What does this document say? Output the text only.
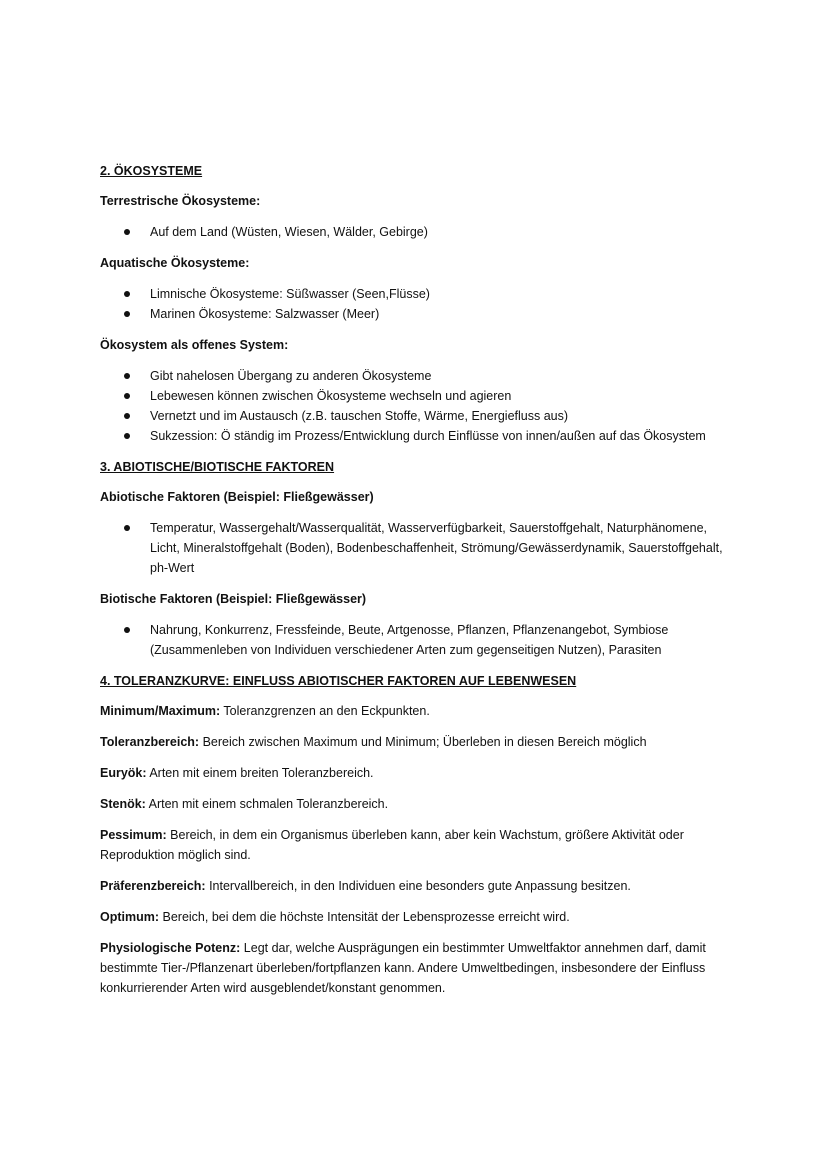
2. ÖKOSYSTEME
Terrestrische Ökosysteme:
Auf dem Land (Wüsten, Wiesen, Wälder, Gebirge)
Aquatische Ökosysteme:
Limnische Ökosysteme: Süßwasser (Seen,Flüsse)
Marinen Ökosysteme: Salzwasser (Meer)
Ökosystem als offenes System:
Gibt nahelosen Übergang zu anderen Ökosysteme
Lebewesen können zwischen Ökosysteme wechseln und agieren
Vernetzt und im Austausch (z.B. tauschen Stoffe, Wärme, Energiefluss aus)
Sukzession: Ö ständig im Prozess/Entwicklung durch Einflüsse von innen/außen auf das Ökosystem
3. ABIOTISCHE/BIOTISCHE FAKTOREN
Abiotische Faktoren (Beispiel: Fließgewässer)
Temperatur, Wassergehalt/Wasserqualität, Wasserverfügbarkeit, Sauerstoffgehalt, Naturphänomene, Licht, Mineralstoffgehalt (Boden), Bodenbeschaffenheit, Strömung/Gewässerdynamik, Sauerstoffgehalt, ph-Wert
Biotische Faktoren (Beispiel: Fließgewässer)
Nahrung, Konkurrenz, Fressfeinde, Beute, Artgenosse, Pflanzen, Pflanzenangebot, Symbiose (Zusammenleben von Individuen verschiedener Arten zum gegenseitigen Nutzen), Parasiten
4. TOLERANZKURVE: EINFLUSS ABIOTISCHER FAKTOREN AUF LEBENWESEN
Minimum/Maximum: Toleranzgrenzen an den Eckpunkten.
Toleranzbereich: Bereich zwischen Maximum und Minimum; Überleben in diesen Bereich möglich
Euryök: Arten mit einem breiten Toleranzbereich.
Stenök: Arten mit einem schmalen Toleranzbereich.
Pessimum: Bereich, in dem ein Organismus überleben kann, aber kein Wachstum, größere Aktivität oder Reproduktion möglich sind.
Präferenzbereich: Intervallbereich, in den Individuen eine besonders gute Anpassung besitzen.
Optimum: Bereich, bei dem die höchste Intensität der Lebensprozesse erreicht wird.
Physiologische Potenz: Legt dar, welche Ausprägungen ein bestimmter Umweltfaktor annehmen darf, damit bestimmte Tier-/Pflanzenart überleben/fortpflanzen kann. Andere Umweltbedingen, insbesondere der Einfluss konkurrierender Arten wird ausgeblendet/konstant genommen.
